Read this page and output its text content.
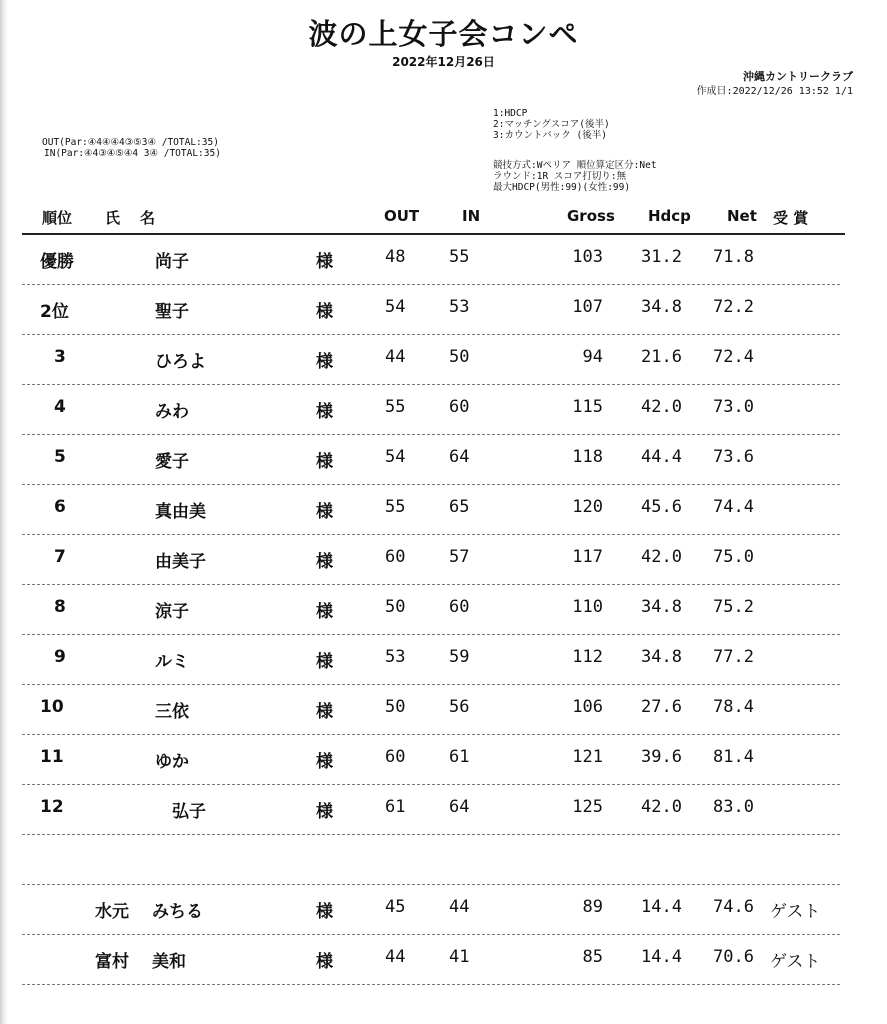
波の上女子会コンペ
2022年12月26日
沖縄カントリークラブ
作成日:2022/12/26 13:52 1/1
1:HDCP
2:マッチングスコア(後半)
3:カウントバック (後半)
競技方式:Wペリア 順位算定区分:Net
ラウンド:1R スコア打切り:無
最大HDCP(男性:99)(女性:99)
OUT(Par:④4④④4③⑤3④ /TOTAL:35)
IN(Par:④4③④⑤④4 3④ /TOTAL:35)
順位 氏 名	OUT	IN	Gross Hdcp Net 受 賞
優勝	尚子	様	48	55	103 31.2 71.8
2位	聖子	様	54	53	107 34.8 72.2
3	ひろよ	様	44	50	94 21.6 72.4
4	みわ	様	55	60	115 42.0 73.0
5	愛子	様	54	64	118 44.4 73.6
6	真由美	様	55	65	120 45.6 74.4
7	由美子	様	60	57	117 42.0 75.0
8	涼子	様	50	60	110 34.8 75.2
9	ルミ	様	53	59	112 34.8 77.2
10	三依	様	50	56	106 27.6 78.4
11	ゆか	様	60	61	121 39.6 81.4
12	弘子	様	61	64	125 42.0 83.0
水元 みちる	様	45	44	89 14.4 74.6 ゲスト
富村 美和	様	44	41	85 14.4 70.6 ゲスト
